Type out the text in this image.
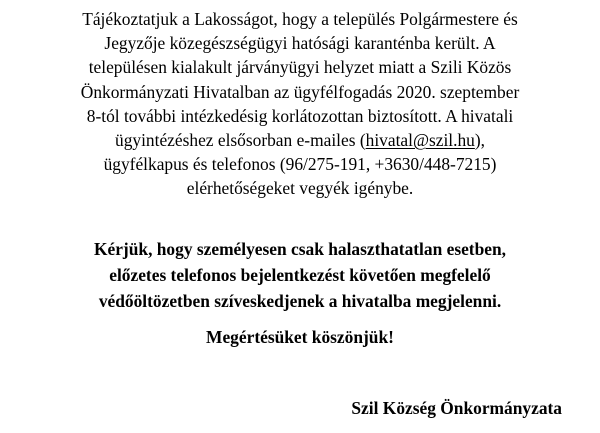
Tájékoztatjuk a Lakosságot, hogy a település Polgármestere és
Jegyzője közegészségügyi hatósági karanténba került. A
településen kialakult járványügyi helyzet miatt a Szili Közös
Önkormányzati Hivatalban az ügyfélfogadás 2020. szeptember
8-tól további intézkedésig korlátozottan biztosított. A hivatali
ügyintézéshez elsősorban e-mailes (hivatal@szil.hu),
ügyfélkapus és telefonos (96/275-191, +3630/448-7215)
elérhetőségeket vegyék igénybe.
Kérjük, hogy személyesen csak halaszthatatlan esetben,
előzetes telefonos bejelentkezést követően megfelelő
védőöltözetben szíveskedjenek a hivatalba megjelenni.
Megértésüket köszönjük!
Szil Község Önkormányzata
